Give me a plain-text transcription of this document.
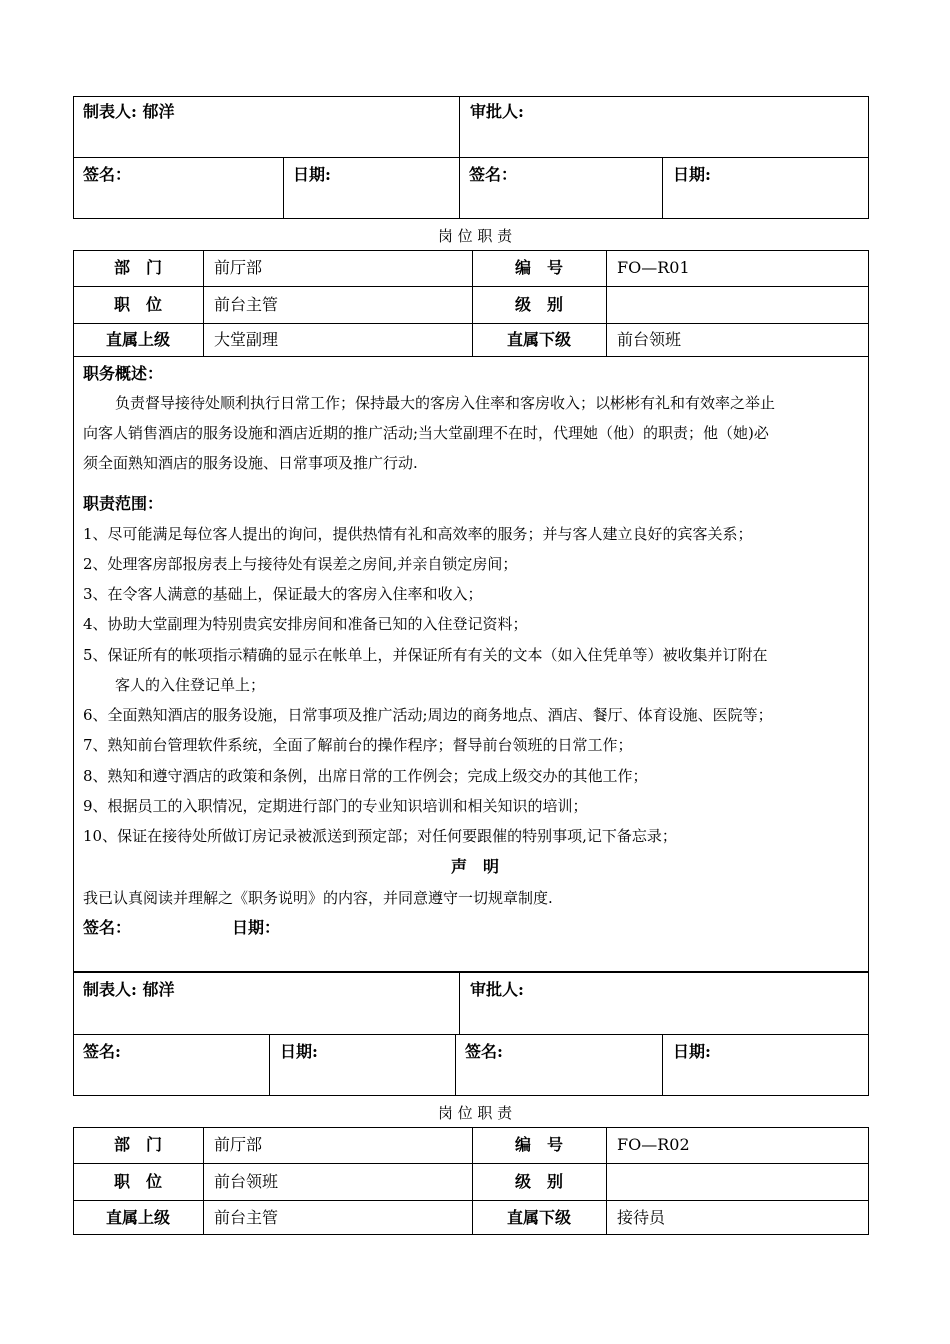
制表人: 郁洋	审批人:
签名：	日期:	签名：	日期:
岗 位 职 责
部　门	前厅部	编　号	FO—R01
职　位	前台主管	级　别
直属上级	大堂副理	直属下级	前台领班
职务概述：
负责督导接待处顺利执行日常工作；保持最大的客房入住率和客房收入；以彬彬有礼和有效率之举止
向客人销售酒店的服务设施和酒店近期的推广活动;当大堂副理不在时，代理她（他）的职责；他（她)必
须全面熟知酒店的服务设施、日常事项及推广行动.
职责范围：
1、尽可能满足每位客人提出的询问，提供热情有礼和高效率的服务；并与客人建立良好的宾客关系；
2、处理客房部报房表上与接待处有误差之房间,并亲自锁定房间；
3、在令客人满意的基础上，保证最大的客房入住率和收入；
4、协助大堂副理为特别贵宾安排房间和准备已知的入住登记资料；
5、保证所有的帐项指示精确的显示在帐单上，并保证所有有关的文本（如入住凭单等）被收集并订附在
客人的入住登记单上；
6、全面熟知酒店的服务设施，日常事项及推广活动;周边的商务地点、酒店、餐厅、体育设施、医院等；
7、熟知前台管理软件系统，全面了解前台的操作程序；督导前台领班的日常工作；
8、熟知和遵守酒店的政策和条例，出席日常的工作例会；完成上级交办的其他工作；
9、根据员工的入职情况，定期进行部门的专业知识培训和相关知识的培训；
10、保证在接待处所做订房记录被派送到预定部；对任何要跟催的特别事项,记下备忘录；
声　明
我已认真阅读并理解之《职务说明》的内容，并同意遵守一切规章制度.
签名：	日期：
制表人: 郁洋	审批人:
签名:	日期:	签名:	日期:
岗 位 职 责
部　门	前厅部	编　号	FO—R02
职　位	前台领班	级　别
直属上级	前台主管	直属下级	接待员
